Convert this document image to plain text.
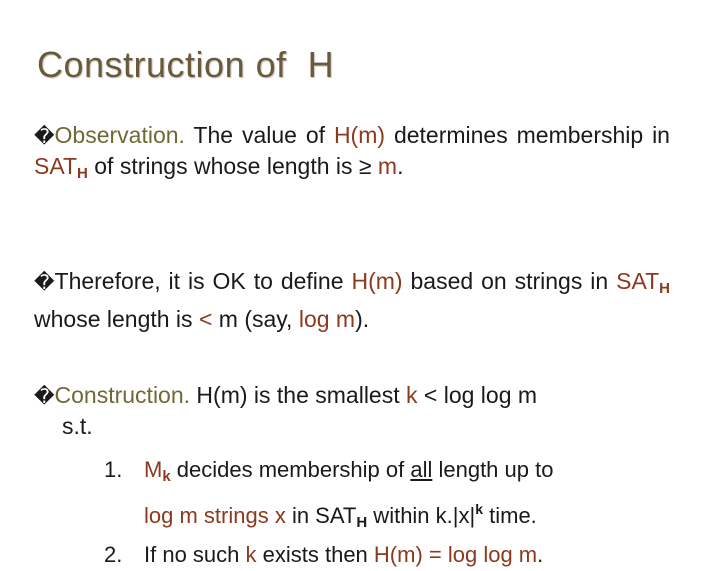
Construction of  H
�Observation. The value of H(m) determines membership in $SAT_H$ of strings whose length is ≥ m.
�Therefore, it is OK to define H(m) based on strings in $SAT_H$ whose length is < m (say, log m).
�Construction. H(m) is the smallest k < log log m
s.t.
1. $M_k$ decides membership of all length up to
log m strings x in $SAT_H$ within $k.|x|^k$ time.
2. If no such k exists then H(m) = log log m.
